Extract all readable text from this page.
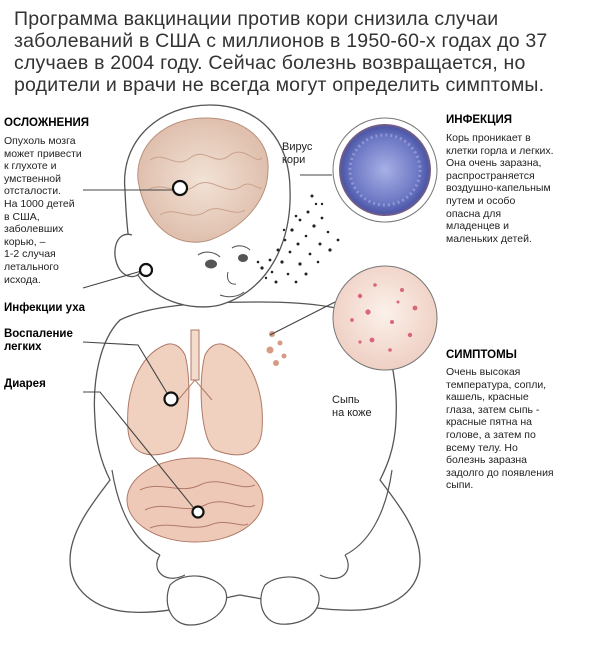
Программа вакцинации против кори снизила случаи заболеваний в США с миллионов в 1950-60-х годах до 37 случаев в 2004 году. Сейчас болезнь возвращается, но родители и врачи не всегда могут определить симптомы.
ОСЛОЖНЕНИЯ
Опухоль мозга
может привести
к глухоте и
умственной
отсталости.
На 1000 детей
в США,
заболевших
корью, –
1-2 случая
летального
исхода.
Инфекции уха
Воспаление
легких
Диарея
Вирус
кори
Сыпь
на коже
ИНФЕКЦИЯ
Корь проникает в
клетки горла и легких.
Она очень заразна,
распространяется
воздушно-капельным
путем и особо
опасна для
младенцев и
маленьких детей.
СИМПТОМЫ
Очень высокая
температура, сопли,
кашель, красные
глаза, затем сыпь -
красные пятна на
голове, а затем по
всему телу. Но
болезнь заразна
задолго до появления
сыпи.
